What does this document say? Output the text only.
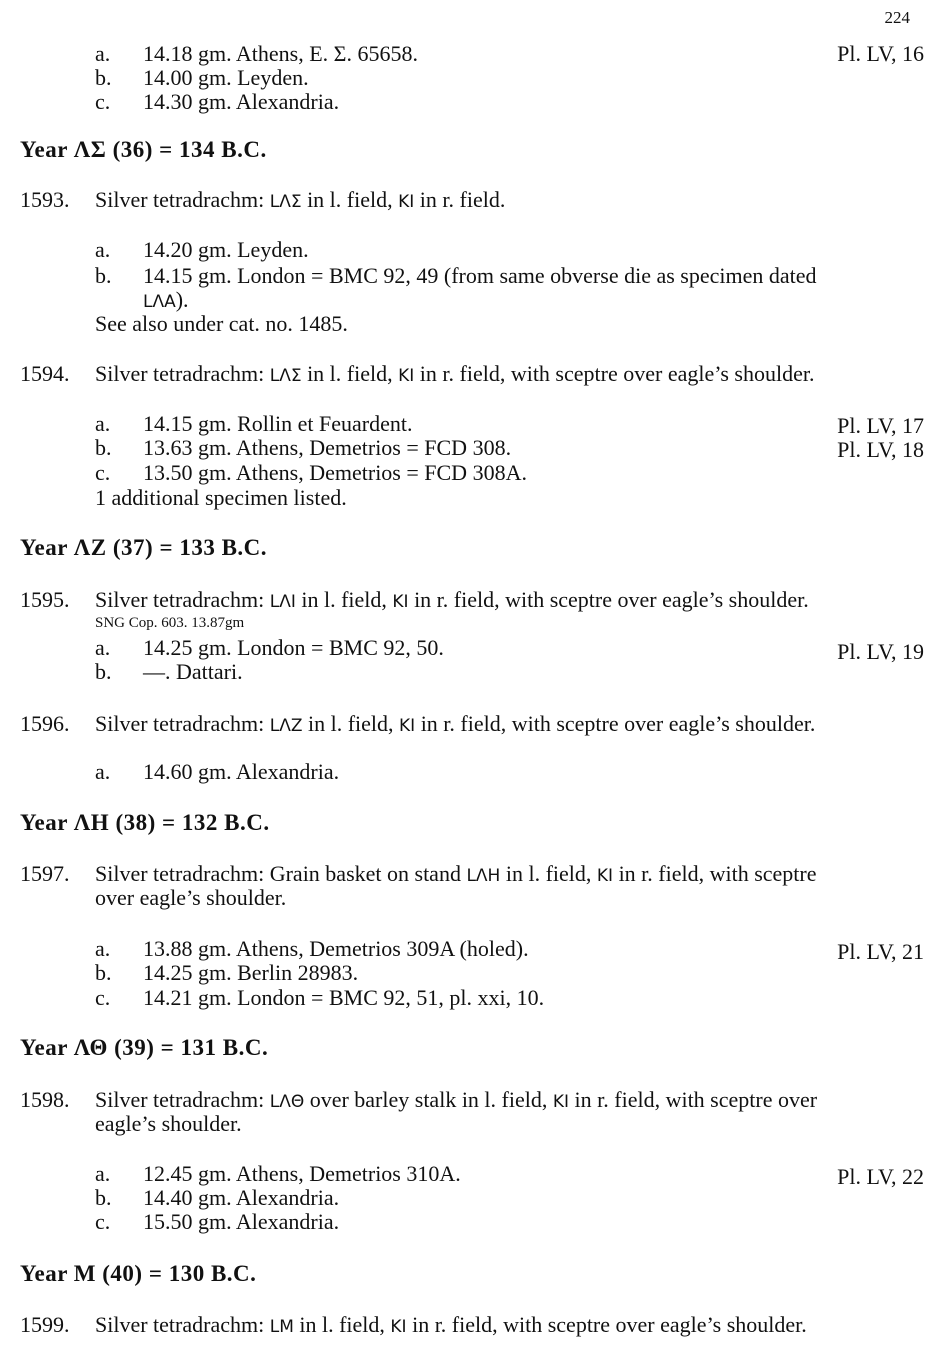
224
a. 14.18 gm. Athens, E. Σ. 65658.	Pl. LV, 16
b. 14.00 gm. Leyden.
c. 14.30 gm. Alexandria.
Year ΛΣ (36) = 134 B.C.
1593. Silver tetradrachm: LΛΣ in l. field, KI in r. field.
a. 14.20 gm. Leyden.
b. 14.15 gm. London = BMC 92, 49 (from same obverse die as specimen dated
LΛA).
See also under cat. no. 1485.
1594. Silver tetradrachm: LΛΣ in l. field, KI in r. field, with sceptre over eagle’s shoulder.
a. 14.15 gm. Rollin et Feuardent.	Pl. LV, 17
b. 13.63 gm. Athens, Demetrios = FCD 308.	Pl. LV, 18
c. 13.50 gm. Athens, Demetrios = FCD 308A.
1 additional specimen listed.
Year ΛZ (37) = 133 B.C.
1595. Silver tetradrachm: LΛΙ in l. field, KI in r. field, with sceptre over eagle’s shoulder.
SNG Cop. 603. 13.87gm
a. 14.25 gm. London = BMC 92, 50.	Pl. LV, 19
b. —. Dattari.
1596. Silver tetradrachm: LΛZ in l. field, KI in r. field, with sceptre over eagle’s shoulder.
a. 14.60 gm. Alexandria.
Year ΛH (38) = 132 B.C.
1597. Silver tetradrachm: Grain basket on stand LΛH in l. field, KI in r. field, with sceptre
over eagle’s shoulder.
a. 13.88 gm. Athens, Demetrios 309A (holed).	Pl. LV, 21
b. 14.25 gm. Berlin 28983.
c. 14.21 gm. London = BMC 92, 51, pl. xxi, 10.
Year ΛΘ (39) = 131 B.C.
1598. Silver tetradrachm: LΛΘ over barley stalk in l. field, KI in r. field, with sceptre over
eagle’s shoulder.
a. 12.45 gm. Athens, Demetrios 310A.	Pl. LV, 22
b. 14.40 gm. Alexandria.
c. 15.50 gm. Alexandria.
Year M (40) = 130 B.C.
1599. Silver tetradrachm: LM in l. field, KI in r. field, with sceptre over eagle’s shoulder.
